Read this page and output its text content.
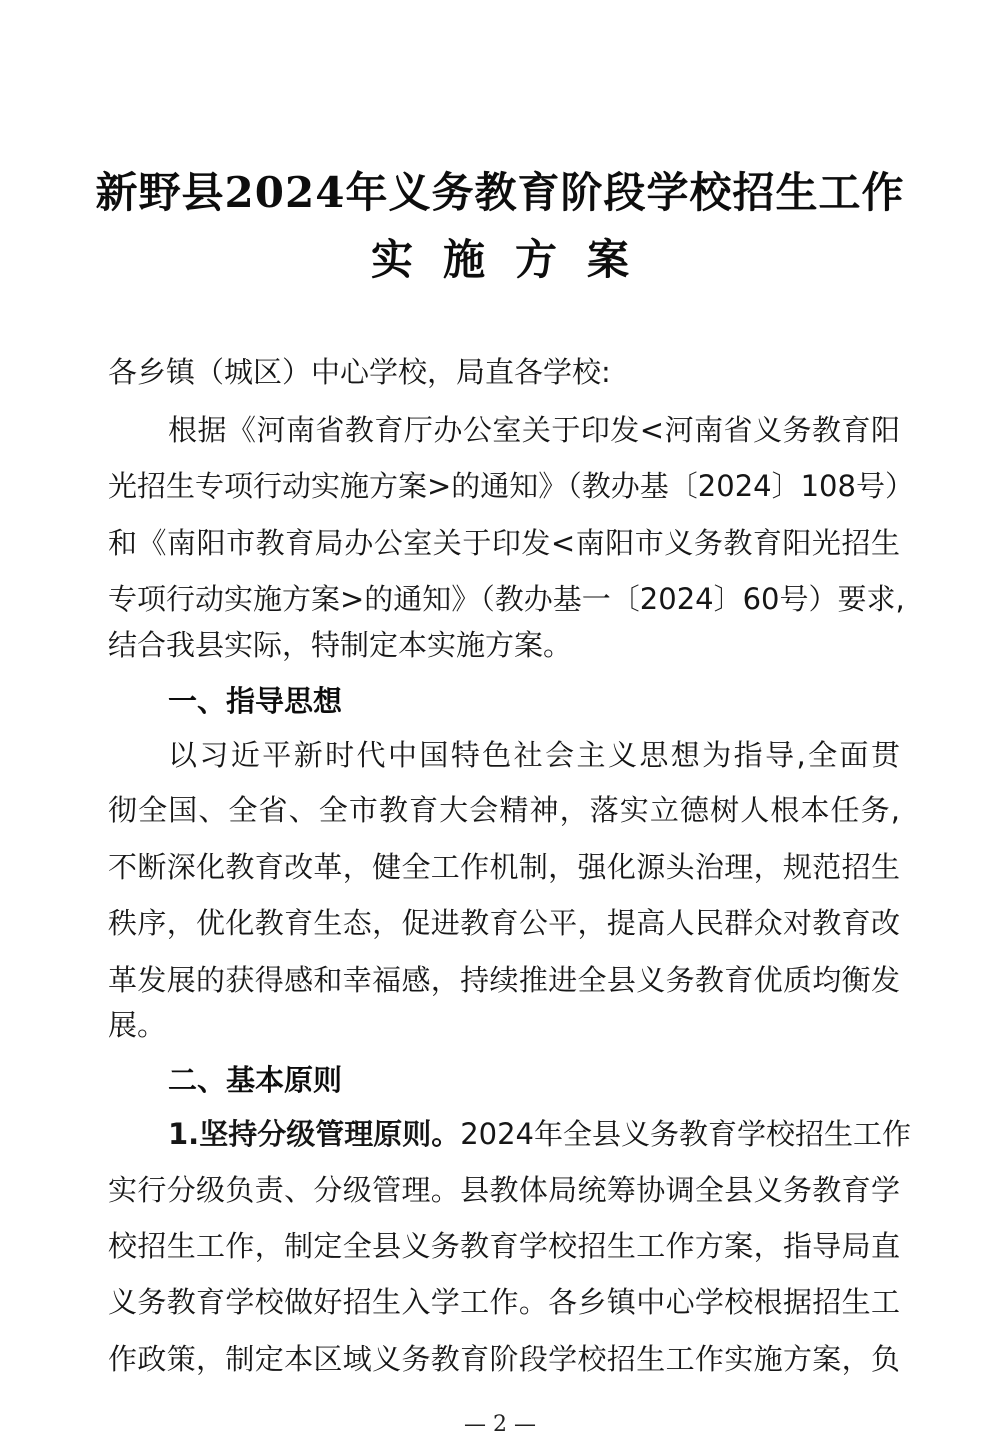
新野县2024年义务教育阶段学校招生工作
实施方案
各乡镇（城区）中心学校，局直各学校:
根据《河南省教育厅办公室关于印发<河南省义务教育阳
光招生专项行动实施方案>的通知》（教办基〔2024〕108号）
和《南阳市教育局办公室关于印发<南阳市义务教育阳光招生
专项行动实施方案>的通知》（教办基一〔2024〕60号）要求,
结合我县实际，特制定本实施方案。
一、指导思想
以习近平新时代中国特色社会主义思想为指导,全面贯
彻全国、全省、全市教育大会精神，落实立德树人根本任务,
不断深化教育改革，健全工作机制，强化源头治理，规范招生
秩序，优化教育生态，促进教育公平，提高人民群众对教育改
革发展的获得感和幸福感，持续推进全县义务教育优质均衡发
展。
二、基本原则
1.坚持分级管理原则。2024年全县义务教育学校招生工作
实行分级负责、分级管理。县教体局统筹协调全县义务教育学
校招生工作，制定全县义务教育学校招生工作方案，指导局直
义务教育学校做好招生入学工作。各乡镇中心学校根据招生工
作政策，制定本区域义务教育阶段学校招生工作实施方案，负
— 2 —
